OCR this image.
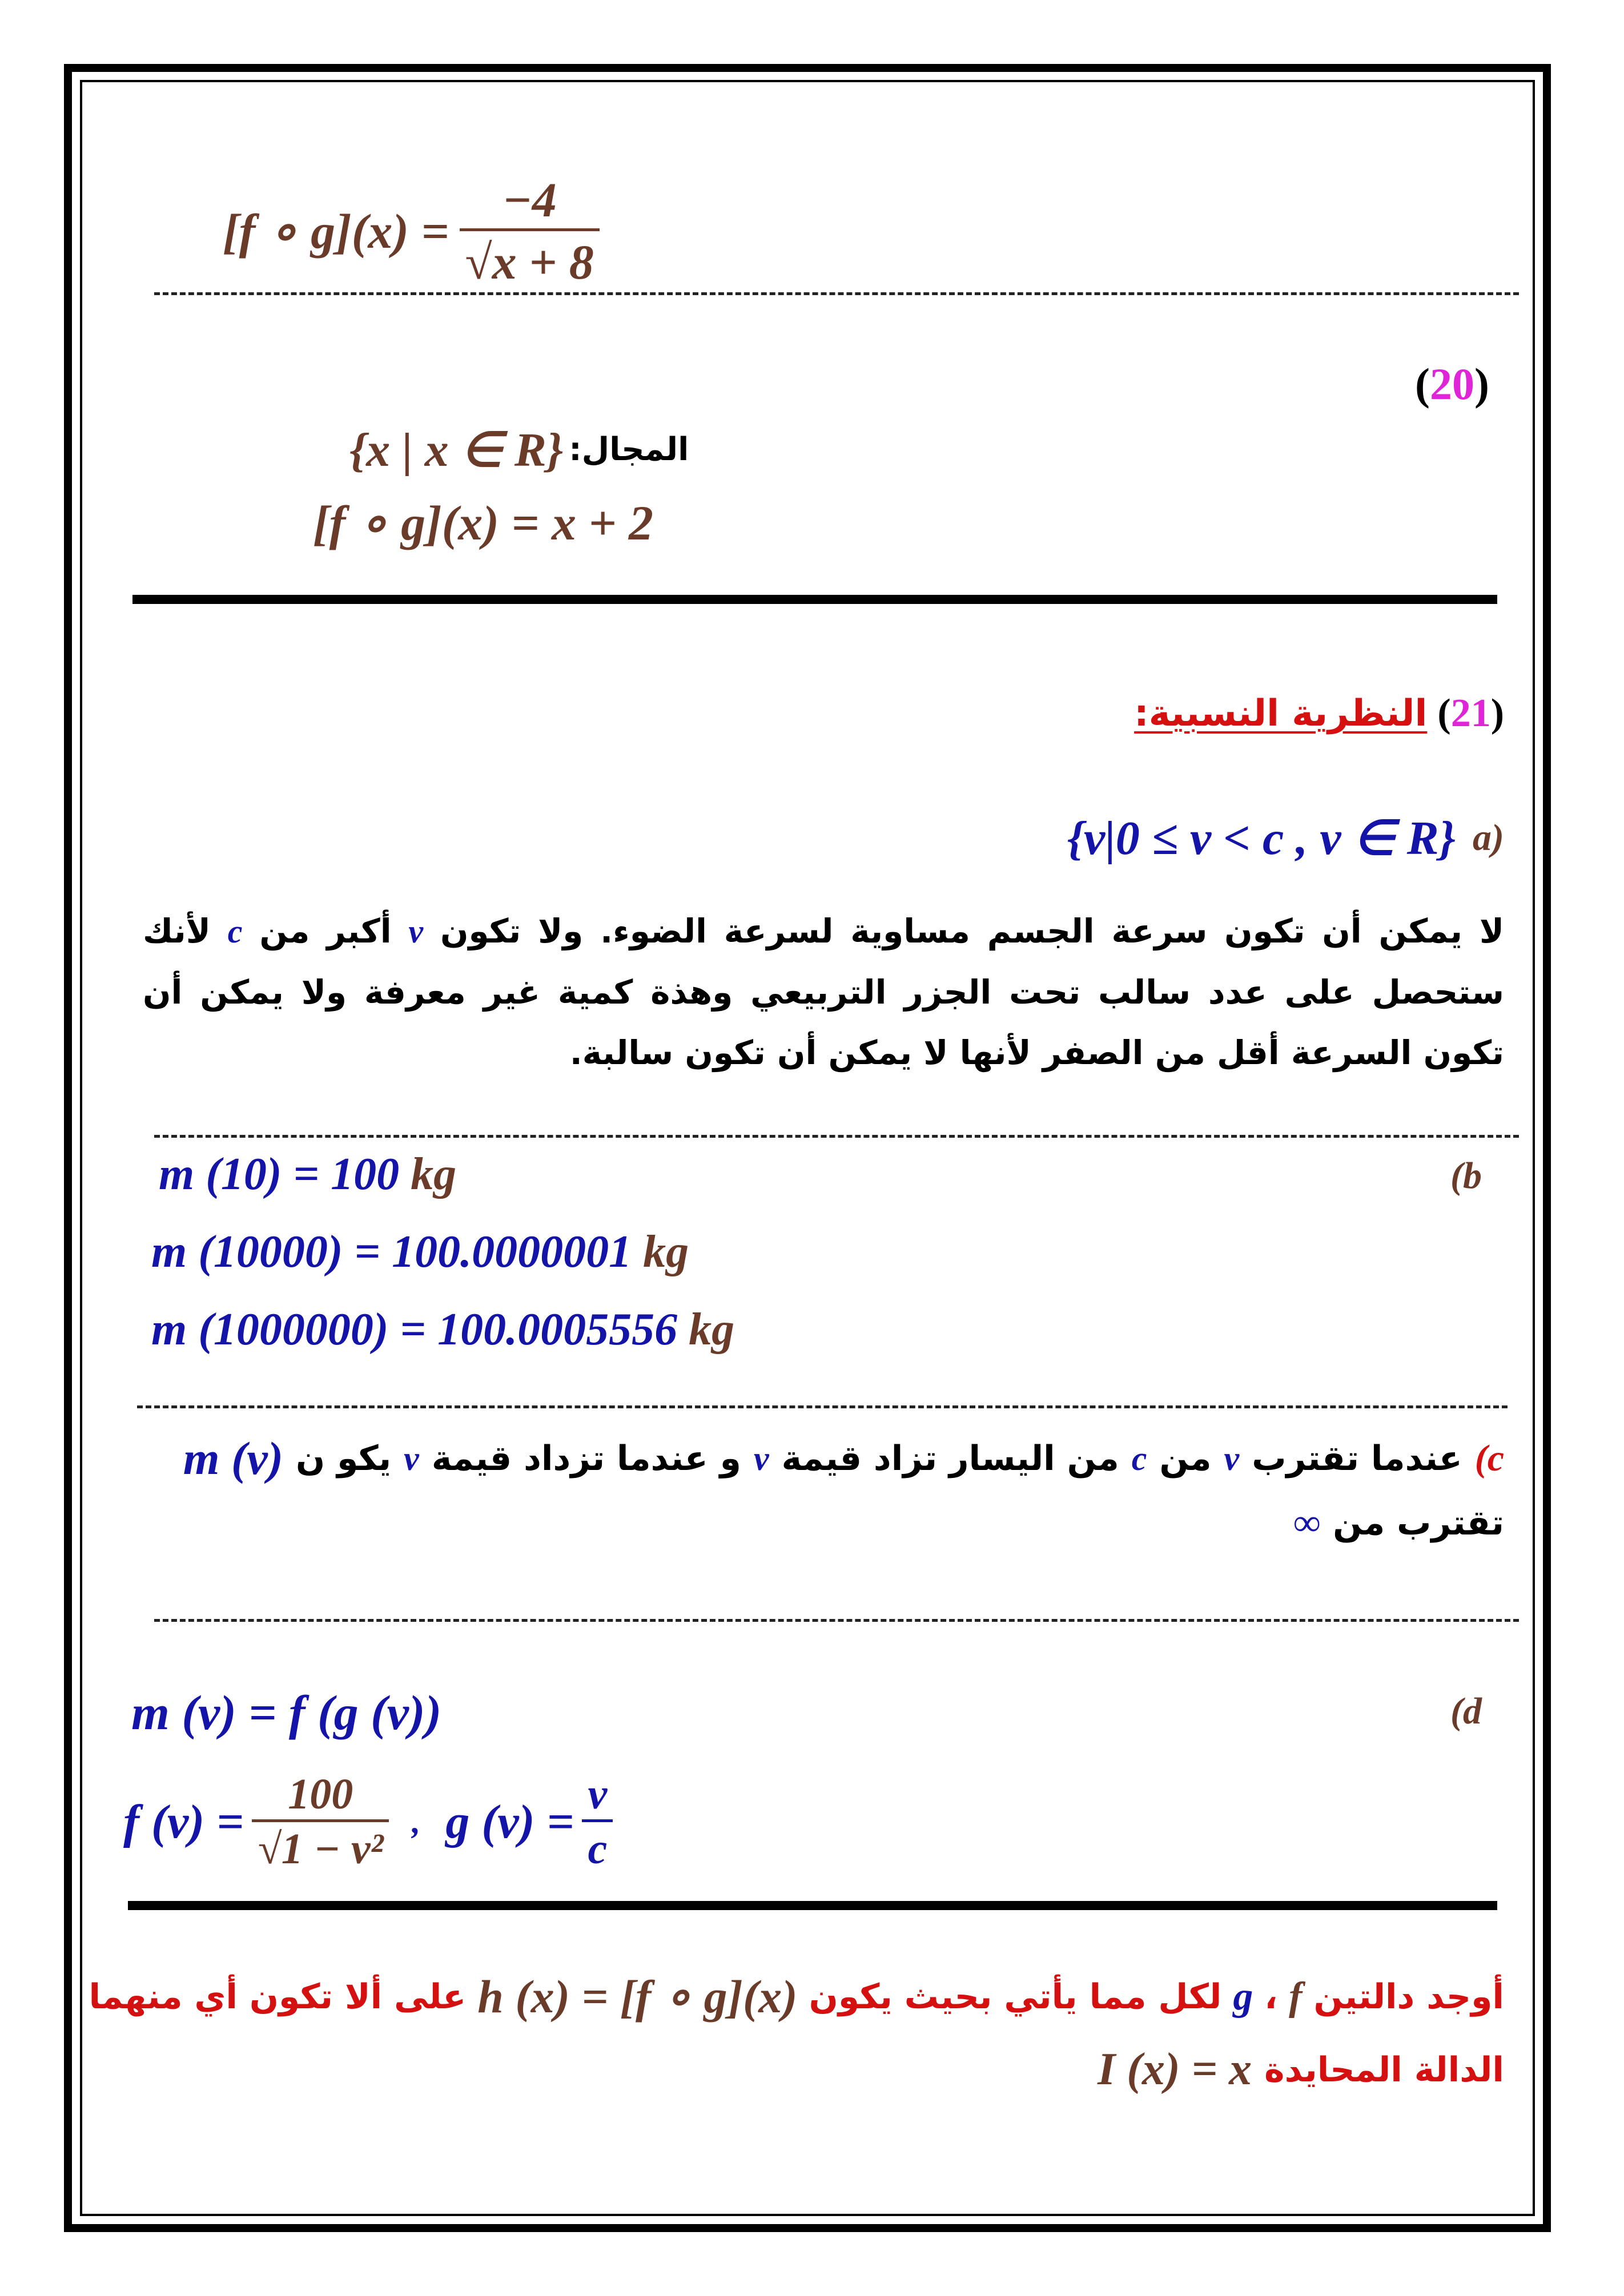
[f ∘ $g](x) = \frac{-4}{√x + 8}$
(20)
{x | x ∈ R} المجال:
[f ∘ g](x) = x + 2
(21)
النظرية النسبية:
(a
{v|0 ≤ v < c , v ∈ R}
لا يمكن أن تكون سرعة الجسم مساوية لسرعة الضوء. ولا تكون v أكبر من c لأنك ستحصل على عدد سالب تحت الجزر التربيعي وهذة كمية غير معرفة ولا يمكن أن تكون السرعة أقل من الصفر لأنها لا يمكن أن تكون سالبة.
(b
m (10) = 100 kg
m (10000) = 100.0000001 kg
m (1000000) = 100.0005556 kg
c)
عندما تقترب
v
من
c
من اليسار تزاد قيمة
v
و عندما تزداد قيمة
v
يكو ن
m (v)
تقترب من
∞
(d
m (v) = f (g (v))
f $(v) = \frac{100}{\text{√1 − v²}}$ , g $(v) = \frac{v}{c}$
أوجد دالتين
f
،
g
لكل مما يأتي بحيث يكون
h (x) = [f ∘ g](x)
على ألا تكون أي منهما
الدالة المحايدة
I (x) = x
